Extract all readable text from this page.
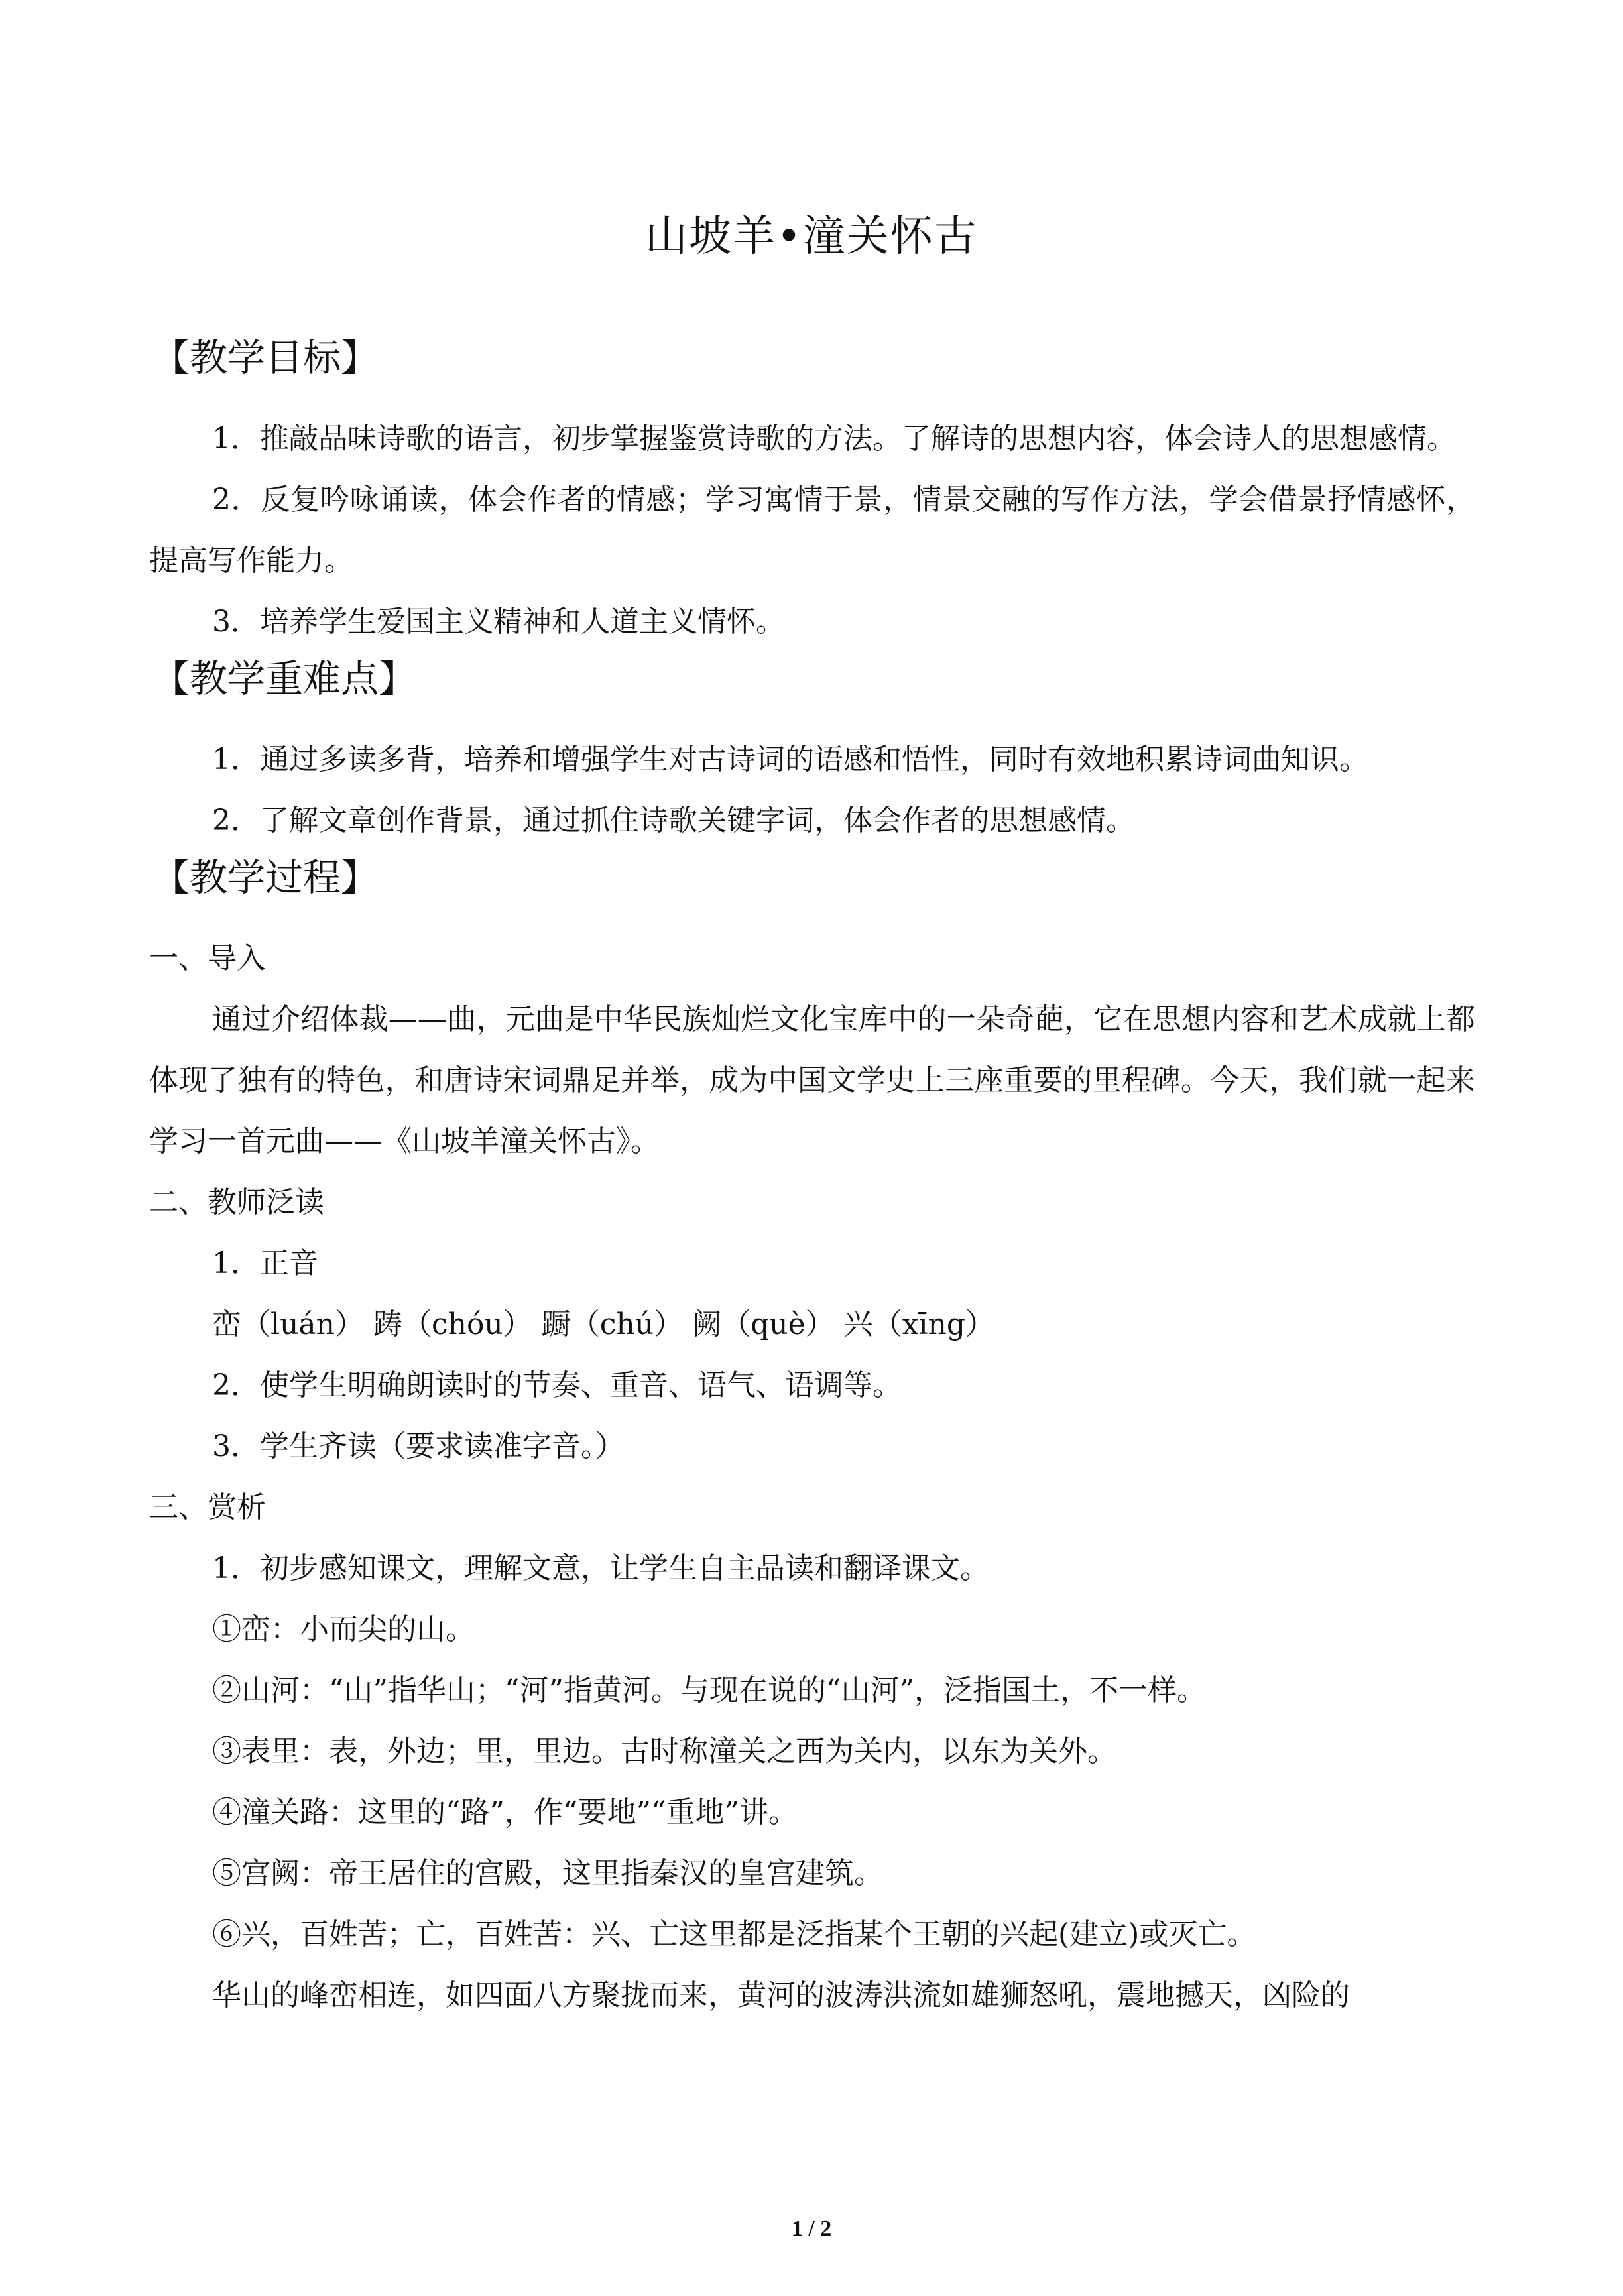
山坡羊•潼关怀古
【教学目标】

1．推敲品味诗歌的语言，初步掌握鉴赏诗歌的方法。了解诗的思想内容，体会诗人的思想感情。

2．反复吟咏诵读，体会作者的情感；学习寓情于景，情景交融的写作方法，学会借景抒情感怀，提高写作能力。

3．培养学生爱国主义精神和人道主义情怀。

【教学重难点】

1．通过多读多背，培养和增强学生对古诗词的语感和悟性，同时有效地积累诗词曲知识。

2．了解文章创作背景，通过抓住诗歌关键字词，体会作者的思想感情。

【教学过程】

一、导入

通过介绍体裁——曲，元曲是中华民族灿烂文化宝库中的一朵奇葩，它在思想内容和艺术成就上都体现了独有的特色，和唐诗宋词鼎足并举，成为中国文学史上三座重要的里程碑。今天，我们就一起来学习一首元曲——《山坡羊潼关怀古》。

二、教师泛读

1．正音

峦（luán） 踌（chóu） 蹰（chú） 阙（què） 兴（xīng）

2．使学生明确朗读时的节奏、重音、语气、语调等。

3．学生齐读（要求读准字音。）

三、赏析

1．初步感知课文，理解文意，让学生自主品读和翻译课文。

①峦：小而尖的山。

②山河：“山”指华山；“河”指黄河。与现在说的“山河”，泛指国土，不一样。

③表里：表，外边；里，里边。古时称潼关之西为关内，以东为关外。

④潼关路：这里的“路”，作“要地”“重地”讲。

⑤宫阙：帝王居住的宫殿，这里指秦汉的皇宫建筑。

⑥兴，百姓苦；亡，百姓苦：兴、亡这里都是泛指某个王朝的兴起(建立)或灭亡。

华山的峰峦相连，如四面八方聚拢而来，黄河的波涛洪流如雄狮怒吼，震地撼天，凶险的

1 / 2
